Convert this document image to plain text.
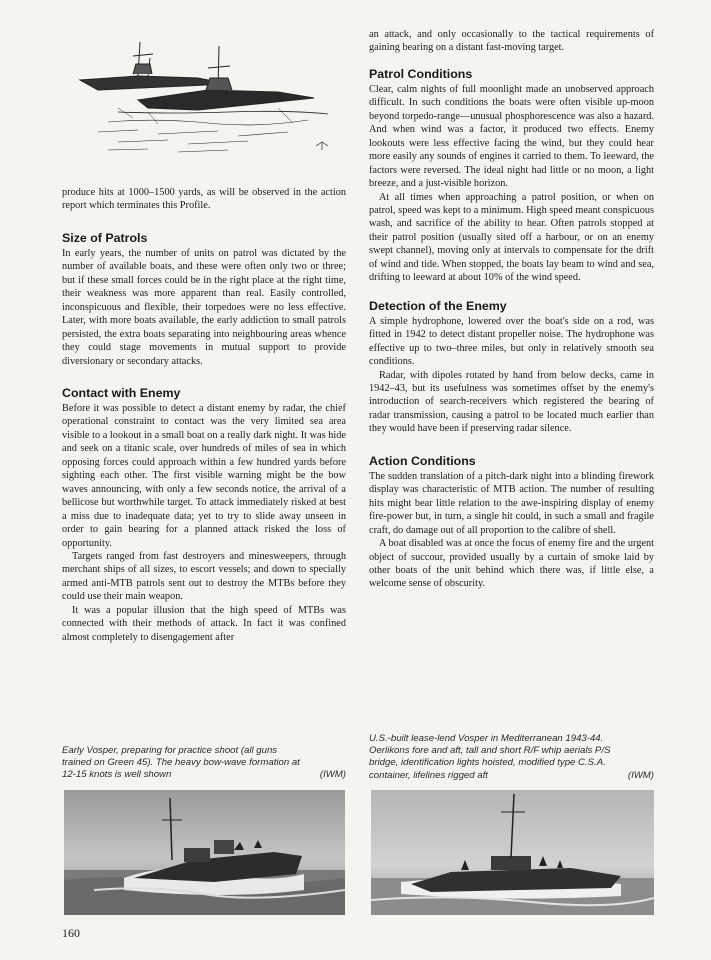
produce hits at 1000–1500 yards, as will be observed in the action report which terminates this Profile.

Size of Patrols

In early years, the number of units on patrol was dictated by the number of available boats, and these were often only two or three; but if these small forces could be in the right place at the right time, their weakness was more apparent than real. Easily controlled, inconspicuous and flexible, their torpedoes were no less effective. Later, with more boats available, the early addiction to small patrols persisted, the extra boats separating into neighbouring areas whence they could stage movements in mutual support to provide diversionary or secondary attacks.

Contact with Enemy

Before it was possible to detect a distant enemy by radar, the chief operational constraint to contact was the very limited sea area visible to a lookout in a small boat on a really dark night. It was hide and seek on a titanic scale, over hundreds of miles of sea in which opposing forces could approach within a few hundred yards before sighting each other. The first visible warning might be the bow waves announcing, with only a few seconds notice, the arrival of a bellicose but worthwhile target. To attack immediately risked at best a miss due to inadequate data; yet to try to slide away unseen in order to gain bearing for a planned attack risked the loss of opportunity.

Targets ranged from fast destroyers and minesweepers, through merchant ships of all sizes, to escort vessels; and down to specially armed anti-MTB patrols sent out to destroy the MTBs before they could use their main weapon.

It was a popular illusion that the high speed of MTBs was connected with their methods of attack. In fact it was confined almost completely to disengagement after

an attack, and only occasionally to the tactical requirements of gaining bearing on a distant fast-moving target.

Patrol Conditions

Clear, calm nights of full moonlight made an unobserved approach difficult. In such conditions the boats were often visible up-moon beyond torpedo-range—unusual phosphorescence was also a hazard. And when wind was a factor, it produced two effects. Enemy lookouts were less effective facing the wind, but they could hear more easily any sounds of engines it carried to them. To leeward, the factors were reversed. The ideal night had little or no moon, a light breeze, and a just-visible horizon.

At all times when approaching a patrol position, or when on patrol, speed was kept to a minimum. High speed meant conspicuous wash, and sacrifice of the ability to hear. Often patrols stopped at their patrol position (usually sited off a harbour, or on an enemy swept channel), moving only at intervals to compensate for the drift of wind and tide. When stopped, the boats lay beam to wind and sea, drifting to leeward at about 10% of the wind speed.

Detection of the Enemy

A simple hydrophone, lowered over the boat's side on a rod, was fitted in 1942 to detect distant propeller noise. The hydrophone was effective up to two–three miles, but only in relatively smooth sea conditions.

Radar, with dipoles rotated by hand from below decks, came in 1942–43, but its usefulness was sometimes offset by the enemy's introduction of search-receivers which registered the bearing of radar transmission, causing a patrol to be located much earlier than they would have been if preserving radar silence.

Action Conditions

The sudden translation of a pitch-dark night into a blinding firework display was characteristic of MTB action. The number of resulting hits might bear little relation to the awe-inspiring display of enemy fire-power but, in turn, a single hit could, in such a small and fragile craft, do damage out of all proportion to the calibre of shell.

A boat disabled was at once the focus of enemy fire and the urgent object of succour, provided usually by a curtain of smoke laid by other boats of the unit behind which there was, if little else, a welcome sense of obscurity.

Early Vosper, preparing for practice shoot (all guns
trained on Green 45). The heavy bow-wave formation at
12-15 knots is well shown	(IWM)
U.S.-built lease-lend Vosper in Mediterranean 1943-44.
Oerlikons fore and aft, tall and short R/F whip aerials P/S
bridge, identification lights hoisted, modified type C.S.A.
container, lifelines rigged aft	(IWM)
160
